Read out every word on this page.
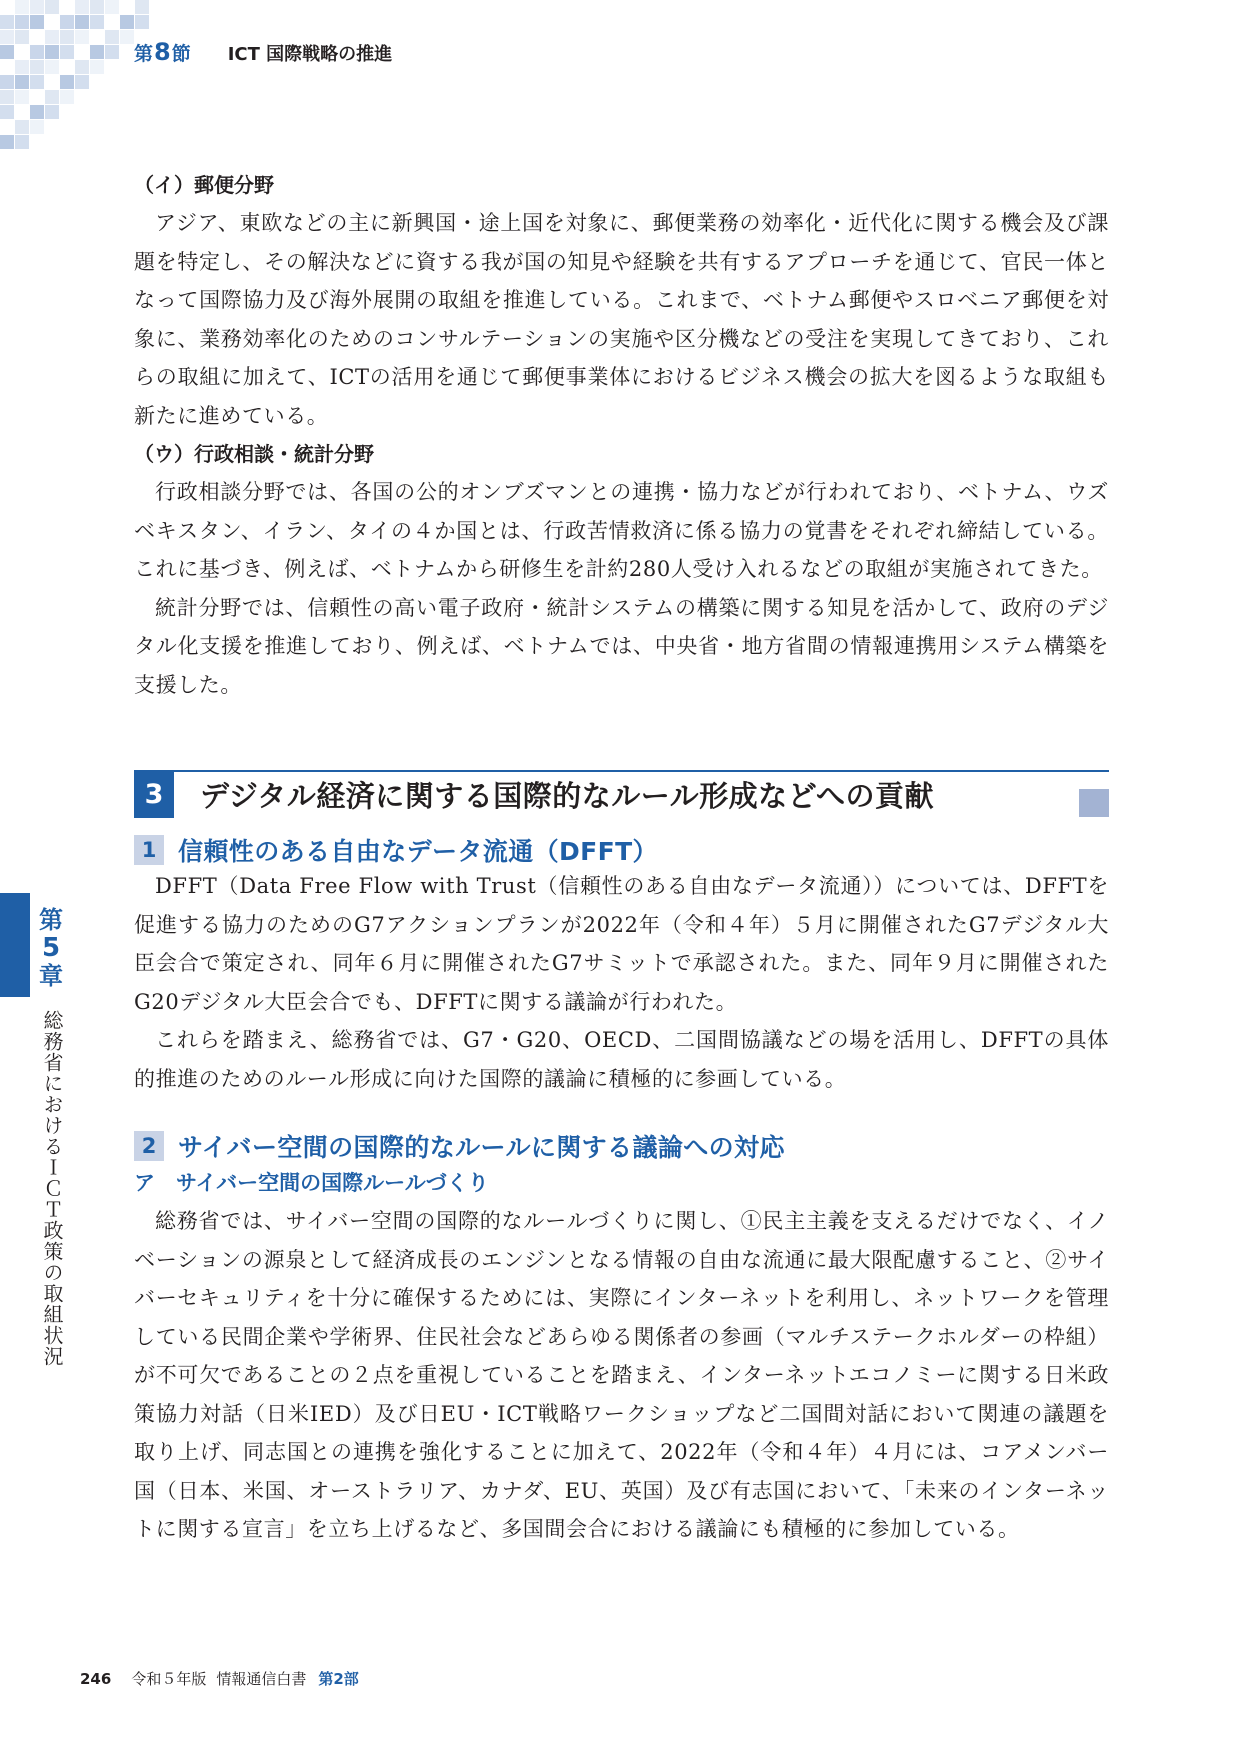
第8節 ICT 国際戦略の推進

（イ）郵便分野

アジア、東欧などの主に新興国・途上国を対象に、郵便業務の効率化・近代化に関する機会及び課題を特定し、その解決などに資する我が国の知見や経験を共有するアプローチを通じて、官民一体となって国際協力及び海外展開の取組を推進している。これまで、ベトナム郵便やスロベニア郵便を対象に、業務効率化のためのコンサルテーションの実施や区分機などの受注を実現してきており、これらの取組に加えて、ICTの活用を通じて郵便事業体におけるビジネス機会の拡大を図るような取組も新たに進めている。

（ウ）行政相談・統計分野

行政相談分野では、各国の公的オンブズマンとの連携・協力などが行われており、ベトナム、ウズベキスタン、イラン、タイの４か国とは、行政苦情救済に係る協力の覚書をそれぞれ締結している。これに基づき、例えば、ベトナムから研修生を計約280人受け入れるなどの取組が実施されてきた。

統計分野では、信頼性の高い電子政府・統計システムの構築に関する知見を活かして、政府のデジタル化支援を推進しており、例えば、ベトナムでは、中央省・地方省間の情報連携用システム構築を支援した。

3	デジタル経済に関する国際的なルール形成などへの貢献
1 信頼性のある自由なデータ流通（DFFT）

DFFT（Data Free Flow with Trust（信頼性のある自由なデータ流通））については、DFFTを促進する協力のためのG7アクションプランが2022年（令和４年）５月に開催されたG7デジタル大臣会合で策定され、同年６月に開催されたG7サミットで承認された。また、同年９月に開催されたG20デジタル大臣会合でも、DFFTに関する議論が行われた。

これらを踏まえ、総務省では、G7・G20、OECD、二国間協議などの場を活用し、DFFTの具体的推進のためのルール形成に向けた国際的議論に積極的に参画している。

2 サイバー空間の国際的なルールに関する議論への対応

ア　サイバー空間の国際ルールづくり

総務省では、サイバー空間の国際的なルールづくりに関し、①民主主義を支えるだけでなく、イノベーションの源泉として経済成長のエンジンとなる情報の自由な流通に最大限配慮すること、②サイバーセキュリティを十分に確保するためには、実際にインターネットを利用し、ネットワークを管理している民間企業や学術界、住民社会などあらゆる関係者の参画（マルチステークホルダーの枠組）が不可欠であることの２点を重視していることを踏まえ、インターネットエコノミーに関する日米政策協力対話（日米IED）及び日EU・ICT戦略ワークショップなど二国間対話において関連の議題を取り上げ、同志国との連携を強化することに加えて、2022年（令和４年）４月には、コアメンバー国（日本、米国、オーストラリア、カナダ、EU、英国）及び有志国において、「未来のインターネットに関する宣言」を立ち上げるなど、多国間会合における議論にも積極的に参加している。

第
5
章
総務省におけるＩＣＴ政策の取組状況
246 令和５年版 情報通信白書 第2部
